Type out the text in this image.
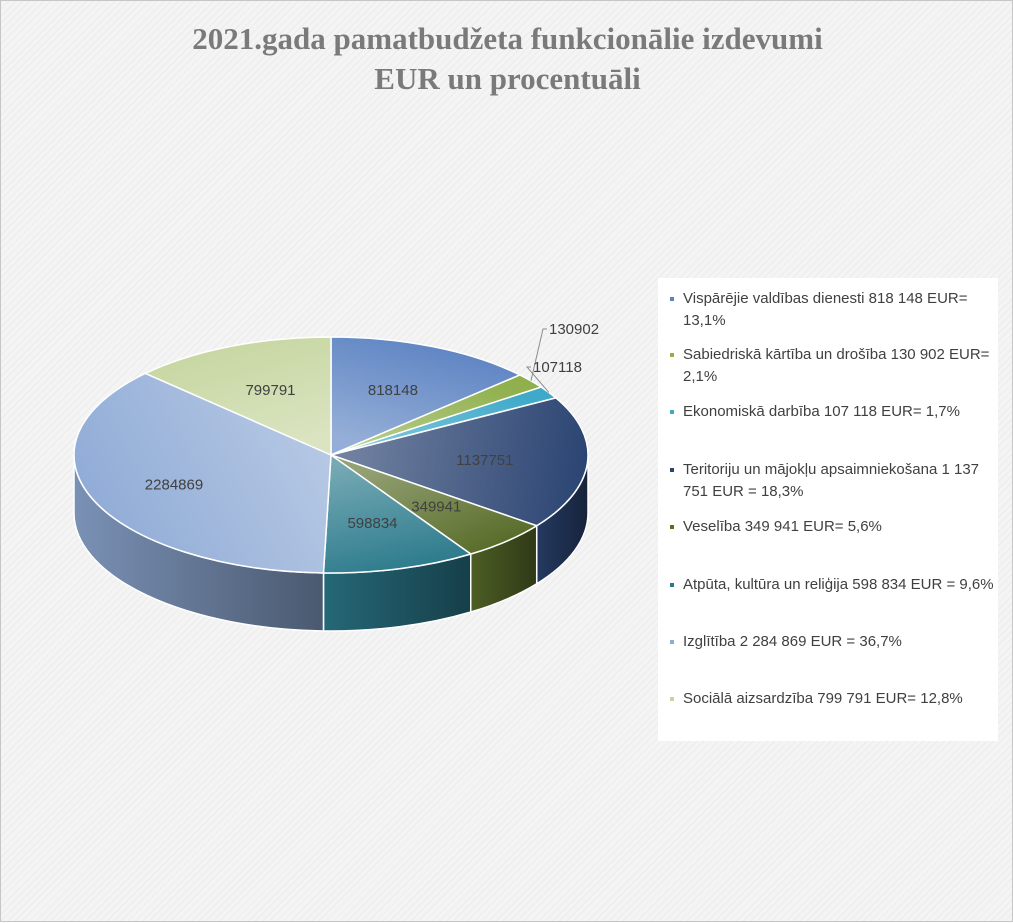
2021.gada pamatbudžeta funkcionālie izdevumi
EUR un procentuāli
818148
130902
107118
1137751
349941
598834
2284869
799791
Vispārējie valdības dienesti 818 148 EUR= 13,1%
Sabiedriskā kārtība un drošība 130 902 EUR= 2,1%
Ekonomiskā darbība 107 118 EUR= 1,7%
Teritoriju un mājokļu apsaimniekošana 1 137 751 EUR = 18,3%
Veselība 349 941 EUR= 5,6%
Atpūta, kultūra un reliģija 598 834 EUR = 9,6%
Izglītība 2 284 869 EUR = 36,7%
Sociālā aizsardzība 799 791 EUR= 12,8%
